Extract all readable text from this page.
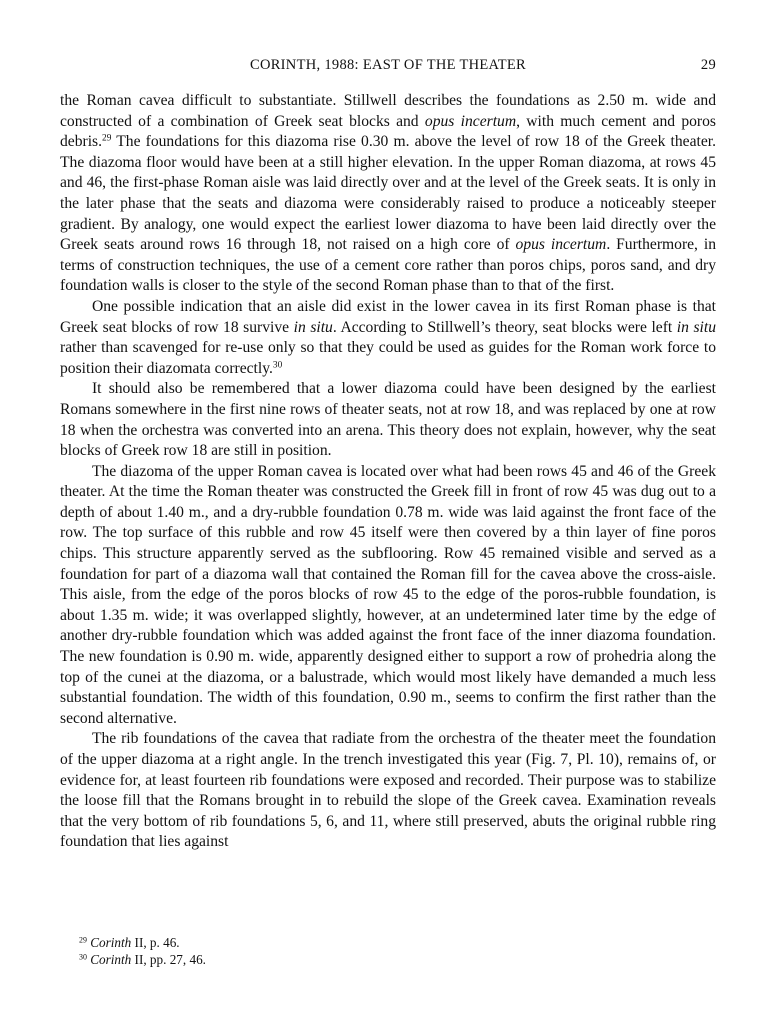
CORINTH, 1988: EAST OF THE THEATER	29

the Roman cavea difficult to substantiate. Stillwell describes the foundations as 2.50 m. wide and constructed of a combination of Greek seat blocks and opus incertum, with much cement and poros debris.$^{29}$ The foundations for this diazoma rise 0.30 m. above the level of row 18 of the Greek theater. The diazoma floor would have been at a still higher elevation. In the upper Roman diazoma, at rows 45 and 46, the first-phase Roman aisle was laid directly over and at the level of the Greek seats. It is only in the later phase that the seats and diazoma were considerably raised to produce a noticeably steeper gradient. By analogy, one would expect the earliest lower diazoma to have been laid directly over the Greek seats around rows 16 through 18, not raised on a high core of opus incertum. Furthermore, in terms of construction techniques, the use of a cement core rather than poros chips, poros sand, and dry foundation walls is closer to the style of the second Roman phase than to that of the first.

One possible indication that an aisle did exist in the lower cavea in its first Roman phase is that Greek seat blocks of row 18 survive in situ. According to Stillwell’s theory, seat blocks were left in situ rather than scavenged for re-use only so that they could be used as guides for the Roman work force to position their diazomata correctly.$^{30}$

It should also be remembered that a lower diazoma could have been designed by the earliest Romans somewhere in the first nine rows of theater seats, not at row 18, and was replaced by one at row 18 when the orchestra was converted into an arena. This theory does not explain, however, why the seat blocks of Greek row 18 are still in position.

The diazoma of the upper Roman cavea is located over what had been rows 45 and 46 of the Greek theater. At the time the Roman theater was constructed the Greek fill in front of row 45 was dug out to a depth of about 1.40 m., and a dry-rubble foundation 0.78 m. wide was laid against the front face of the row. The top surface of this rubble and row 45 itself were then covered by a thin layer of fine poros chips. This structure apparently served as the subflooring. Row 45 remained visible and served as a foundation for part of a diazoma wall that contained the Roman fill for the cavea above the cross-aisle. This aisle, from the edge of the poros blocks of row 45 to the edge of the poros-rubble foundation, is about 1.35 m. wide; it was overlapped slightly, however, at an undetermined later time by the edge of another dry-rubble foundation which was added against the front face of the inner diazoma foundation. The new foundation is 0.90 m. wide, apparently designed either to support a row of prohedria along the top of the cunei at the diazoma, or a balustrade, which would most likely have demanded a much less substantial foundation. The width of this foundation, 0.90 m., seems to confirm the first rather than the second alternative.

The rib foundations of the cavea that radiate from the orchestra of the theater meet the foundation of the upper diazoma at a right angle. In the trench investigated this year (Fig. 7, Pl. 10), remains of, or evidence for, at least fourteen rib foundations were exposed and recorded. Their purpose was to stabilize the loose fill that the Romans brought in to rebuild the slope of the Greek cavea. Examination reveals that the very bottom of rib foundations 5, 6, and 11, where still preserved, abuts the original rubble ring foundation that lies against

$^{29}$ Corinth II, p. 46.

$^{30}$ Corinth II, pp. 27, 46.
